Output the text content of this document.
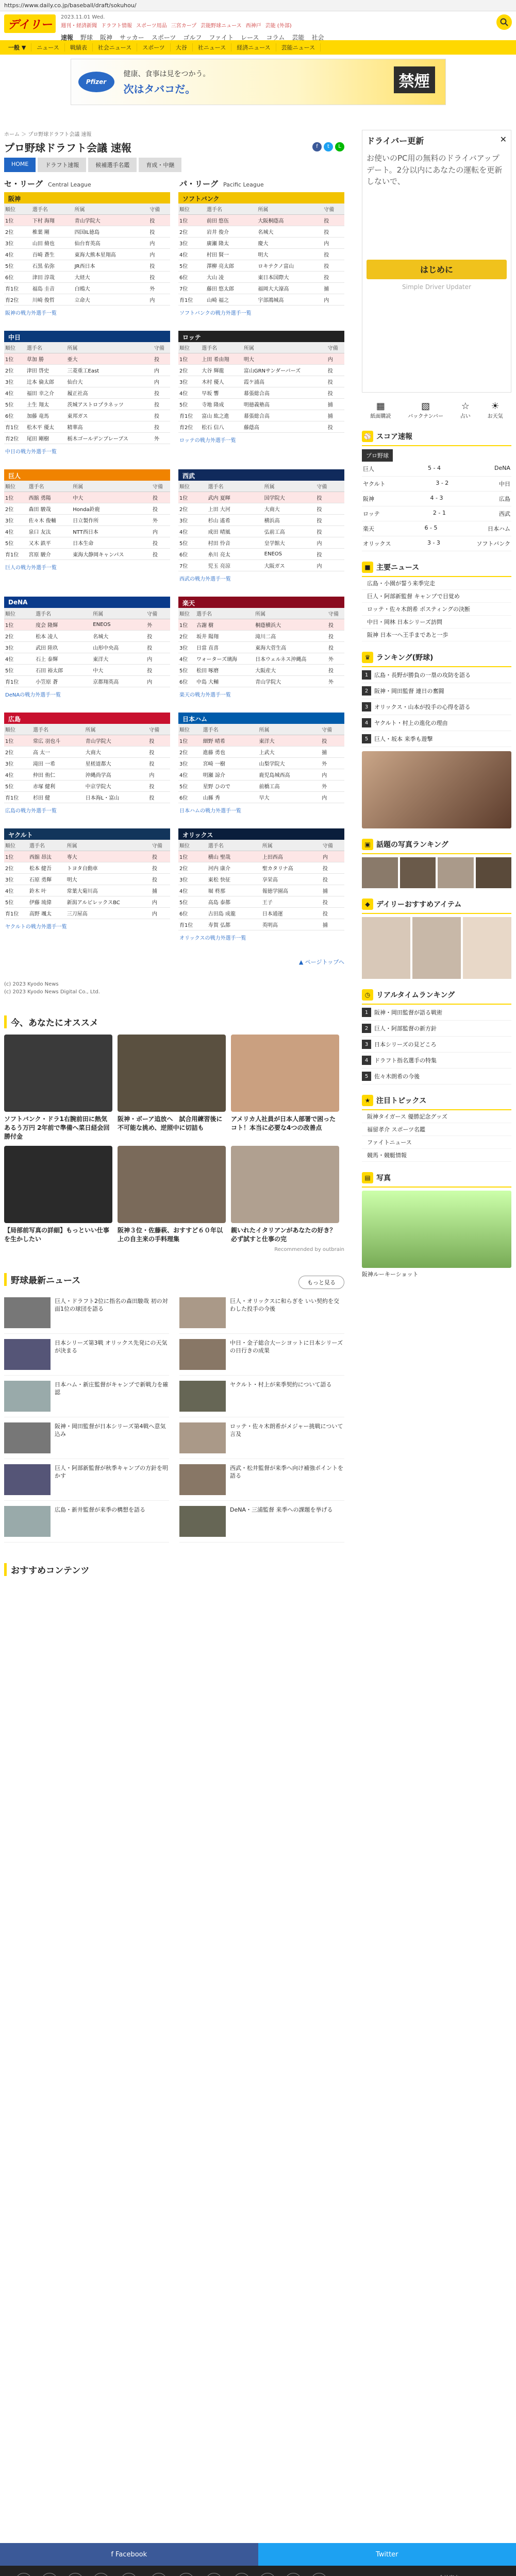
https://www.daily.co.jp/baseball/draft/sokuhou/
デイリー
2023.11.01 Wed.
週刊・経済新聞 ドラフト情報 スポーツ用品 三宮カープ 芸能野球ニュース 西神戸 芸能 (外部)
速報 野球 阪神 サッカー スポーツ ゴルフ ファイト レース コラム 芸能 社会
一般 ▼	ニュース	戦績表	社会ニュース	スポーツ	大谷	社ニュース	経済ニュース	芸能ニュース
Pfizer
健康、食事は見をつかう。
次はタバコだ。	禁煙
ホーム ＞ プロ野球ドラフト会議 速報
プロ野球ドラフト会議 速報	f	t	L
HOME	ドラフト速報	候補選手名鑑	育成・中継
セ・リーグ Central League	パ・リーグ Pacific League
阪神
順位	選手名	所属	守備
1位	下村 海翔	青山学院大	投
2位	椎葉 剛	四国IL徳島	投
3位	山田 脩也	仙台育英高	内
4位	百崎 蒼生	東海大熊本星翔高	内
5位	石黒 佑弥	JR西日本	投
6位	津田 淳哉	大経大	投
育1位	福島 圭音	白鴎大	外
育2位	川崎 俊哲	立命大	内
阪神の戦力外選手一覧
ソフトバンク
順位	選手名	所属	守備
1位	前田 悠伍	大阪桐蔭高	投
2位	岩井 俊介	名城大	投
3位	廣瀬 隆太	慶大	内
4位	村田 賢一	明大	投
5位	澤柳 亮太郎	ロキテクノ富山	投
6位	大山 凌	東日本国際大	投
7位	藤田 悠太郎	福岡大大濠高	捕
育1位	山崎 福之	宇部鴻城高	内
ソフトバンクの戦力外選手一覧
中日
順位	選手名	所属	守備
1位	草加 勝	亜大	投
2位	津田 啓史	三菱重工East	内
3位	辻本 倫太郎	仙台大	内
4位	福田 幸之介	履正社高	投
5位	土生 翔太	茨城アストロプラネッツ	投
6位	加藤 竜馬	東邦ガス	投
育1位	松木平 優太	精華高	投
育2位	尾田 剛樹	栃木ゴールデンブレーブス	外
中日の戦力外選手一覧
ロッテ
順位	選手名	所属	守備
1位	上田 希由翔	明大	内
2位	大谷 輝龍	富山GRNサンダーバーズ	投
3位	木村 優人	霞ケ浦高	投
4位	早坂 響	幕張総合高	投
5位	寺地 隆成	明徳義塾高	捕
育1位	富山 紘之進	幕張総合高	捕
育2位	松石 信八	藤蔭高	投
ロッテの戦力外選手一覧
巨人
順位	選手名	所属	守備
1位	西舘 勇陽	中大	投
2位	森田 駿哉	Honda鈴鹿	投
3位	佐々木 俊輔	日立製作所	外
4位	泉口 友汰	NTT西日本	内
5位	又木 鉄平	日本生命	投
育1位	宮原 駿介	東海大静岡キャンパス	投
巨人の戦力外選手一覧
西武
順位	選手名	所属	守備
1位	武内 夏暉	国学院大	投
2位	上田 大河	大商大	投
3位	杉山 遙希	横浜高	投
4位	成田 晴風	弘前工高	投
5位	村田 怜音	皇学館大	内
6位	糸川 亮太	ENEOS	投
7位	児玉 亮涼	大阪ガス	内
西武の戦力外選手一覧
DeNA
順位	選手名	所属	守備
1位	度会 隆輝	ENEOS	外
2位	松本 凌人	名城大	投
3位	武田 陸玖	山形中央高	投
4位	石上 泰輝	東洋大	内
5位	石田 裕太郎	中大	投
育1位	小笠原 蒼	京都翔英高	内
DeNAの戦力外選手一覧
楽天
順位	選手名	所属	守備
1位	古謝 樹	桐蔭横浜大	投
2位	坂井 陽翔	滝川二高	投
3位	日當 直喜	東海大菅生高	投
4位	ワォーターズ璃海	日本ウェルネス沖縄高	外
5位	松田 啄磨	大阪産大	投
6位	中島 大輔	青山学院大	外
楽天の戦力外選手一覧
広島
順位	選手名	所属	守備
1位	常広 羽也斗	青山学院大	投
2位	高 太一	大商大	投
3位	滝田 一希	星槎道都大	投
4位	仲田 侑仁	沖縄尚学高	内
5位	赤塚 健利	中京学院大	投
育1位	杉田 健	日本海L・富山	投
広島の戦力外選手一覧
日本ハム
順位	選手名	所属	守備
1位	細野 晴希	東洋大	投
2位	進藤 勇也	上武大	捕
3位	宮崎 一樹	山梨学院大	外
4位	明瀬 諒介	鹿児島城西高	内
5位	星野 ひので	前橋工高	外
6位	山縣 秀	早大	内
日本ハムの戦力外選手一覧
ヤクルト
順位	選手名	所属	守備
1位	西舘 昂汰	専大	投
2位	松本 健吾	トヨタ自動車	投
3位	石原 勇輝	明大	投
4位	鈴木 叶	常葉大菊川高	捕
5位	伊藤 琉偉	新潟アルビレックスBC	内
育1位	高野 颯太	三刀屋高	内
ヤクルトの戦力外選手一覧
オリックス
順位	選手名	所属	守備
1位	横山 聖哉	上田西高	内
2位	河内 康介	聖カタリナ高	投
3位	東松 快征	享栄高	投
4位	堀 柊那	報徳学園高	捕
5位	高島 泰都	王子	投
6位	古田島 成龍	日本通運	投
育1位	寿賀 弘都	英明高	捕
オリックスの戦力外選手一覧
▲ ページトップへ
(c) 2023 Kyodo News
(c) 2023 Kyodo News Digital Co., Ltd.
今、あなたにオススメ
ソフトバンク・ドラ1右腕前田に熱気あるう万円 2年前で準備へ菜日経会回勝付金
阪神・ボーア追放へ　試合用練習後に不可能な挑め、逆照中に切詰も
アメリカ人社員が日本人部署で困ったコト！本当に必要な4つの改善点
【局部前写真の詳細】もっといい仕事を生かしたい
阪神３位・佐藤萩、おすすど６０年以上の自主来の手料理集
親いれたイタリアンがあなたの好き？必ず試すと仕事の完
Recommended by outbrain
野球最新ニュース	もっと見る
巨人・ドラフト2位に指名の森田駿哉 初の対面1位の球団を語る
巨人・オリックスに和らぎを いい契約を交わした投手の今後
日本シリーズ第3戦 オリックス先発にの天気が決まる
中日・金子総合大ーシヨットに日本シリーズの日行きの成果
日本ハム・新庄監督がキャンプで新戦力を確認
ヤクルト・村上が来季契約について語る
阪神・岡田監督が日本シリーズ第4戦へ意気込み
ロッテ・佐々木朗希がメジャー挑戦について言及
巨人・阿部新監督が秋季キャンプの方針を明かす
西武・松井監督が来季へ向け補強ポイントを語る
広島・新井監督が来季の構想を語る	DeNA・三浦監督 来季への課題を挙げる
おすすめコンテンツ
ドライバー更新	✕
お使いのPC用の無料のドライバアップデート。2分以内にあなたの運転を更新しないで、
はじめに
Simple Driver Updater
▦
紙面購読
▧
バックナンバー
☆
占い
☀
お天気
⚾ スコア速報
プロ野球
巨人	5 - 4	DeNA
ヤクルト	3 - 2	中日
阪神	4 - 3	広島
ロッテ	2 - 1	西武
楽天	6 - 5	日本ハム
オリックス	3 - 3	ソフトバンク
■ 主要ニュース
広島・小園が誓う来季完走
巨人・阿部新監督 キャンプで目覚め
ロッテ・佐々木朗希 ポスティングの決断
中日・岡林 日本シリーズ訪問
阪神 日本一へ王手まであと一歩
♛ ランキング(野球)
1	広島・長野が勝負の一塁の攻防を語る
2	阪神・岡田監督 連日の奮闘
3	オリックス・山本が投手の心得を語る
4	ヤクルト・村上の進化の理由
5	巨人・坂本 来季も遊撃
▣ 話題の写真ランキング
◆ デイリーおすすめアイテム
◷ リアルタイムランキング
1	阪神・岡田監督が語る戦術
2	巨人・阿部監督の新方針
3	日本シリーズの見どころ
4	ドラフト指名選手の特集
5	佐々木朗希の今後
★ 注目トピックス
阪神タイガース 優勝記念グッズ
福留孝介 スポーツ名鑑
ファイトニュース
競馬・競艇情報
▤ 写真
阪神ルーキーショット
f Facebook	Twitter
